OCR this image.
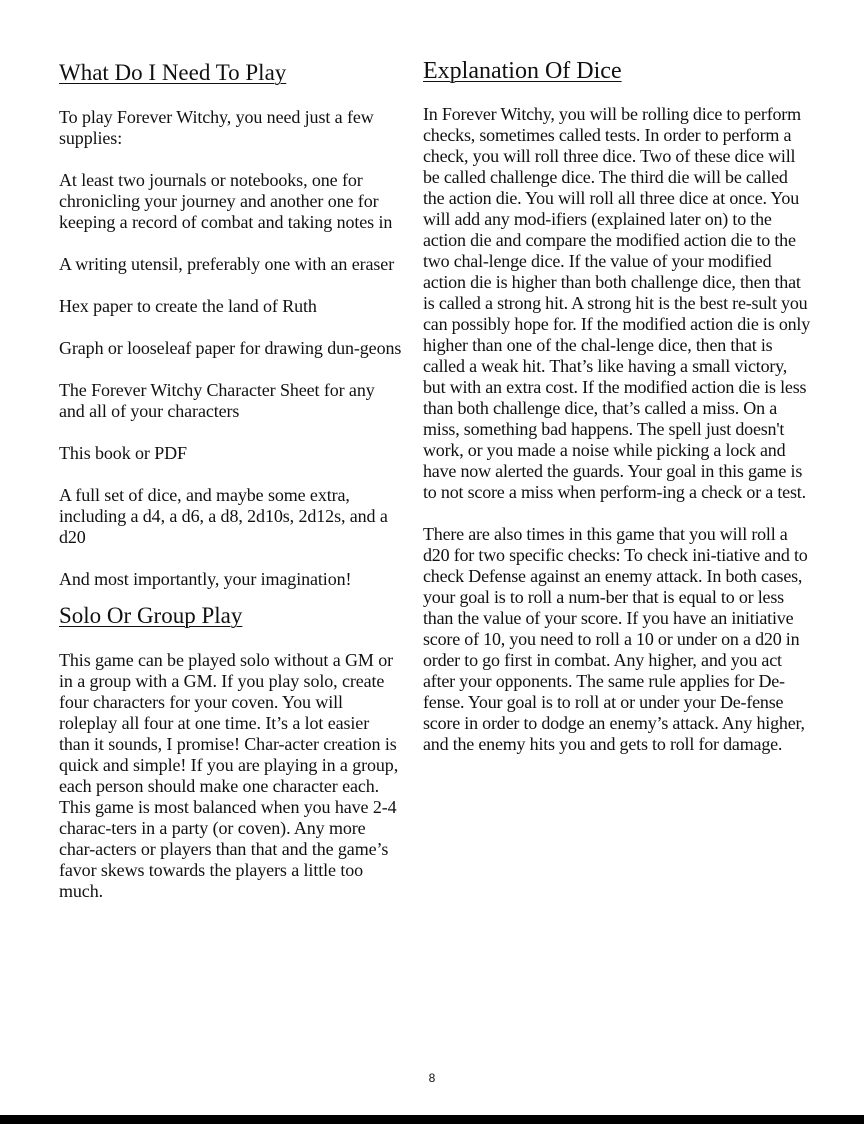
What Do I Need To Play

To play Forever Witchy, you need just a few supplies:

At least two journals or notebooks, one for chronicling your journey and another one for keeping a record of combat and taking notes in

A writing utensil, preferably one with an eraser

Hex paper to create the land of Ruth

Graph or looseleaf paper for drawing dun-geons

The Forever Witchy Character Sheet for any and all of your characters

This book or PDF

A full set of dice, and maybe some extra, including a d4, a d6, a d8, 2d10s, 2d12s, and a d20

And most importantly, your imagination!

Solo Or Group Play

This game can be played solo without a GM or in a group with a GM. If you play solo, create four characters for your coven. You will roleplay all four at one time. It’s a lot easier than it sounds, I promise! Char-acter creation is quick and simple! If you are playing in a group, each person should make one character each. This game is most balanced when you have 2-4 charac-ters in a party (or coven). Any more char-acters or players than that and the game’s favor skews towards the players a little too much.

Explanation Of Dice

In Forever Witchy, you will be rolling dice to perform checks, sometimes called tests. In order to perform a check, you will roll three dice. Two of these dice will be called challenge dice. The third die will be called the action die. You will roll all three dice at once. You will add any mod-ifiers (explained later on) to the action die and compare the modified action die to the two chal-lenge dice. If the value of your modified action die is higher than both challenge dice, then that is called a strong hit. A strong hit is the best re-sult you can possibly hope for. If the modified action die is only higher than one of the chal-lenge dice, then that is called a weak hit. That’s like having a small victory, but with an extra cost. If the modified action die is less than both challenge dice, that’s called a miss. On a miss, something bad happens. The spell just doesn't work, or you made a noise while picking a lock and have now alerted the guards. Your goal in this game is to not score a miss when perform-ing a check or a test.

There are also times in this game that you will roll a d20 for two specific checks: To check ini-tiative and to check Defense against an enemy attack. In both cases, your goal is to roll a num-ber that is equal to or less than the value of your score. If you have an initiative score of 10, you need to roll a 10 or under on a d20 in order to go first in combat. Any higher, and you act after your opponents. The same rule applies for De-fense. Your goal is to roll at or under your De-fense score in order to dodge an enemy’s attack. Any higher, and the enemy hits you and gets to roll for damage.

8
